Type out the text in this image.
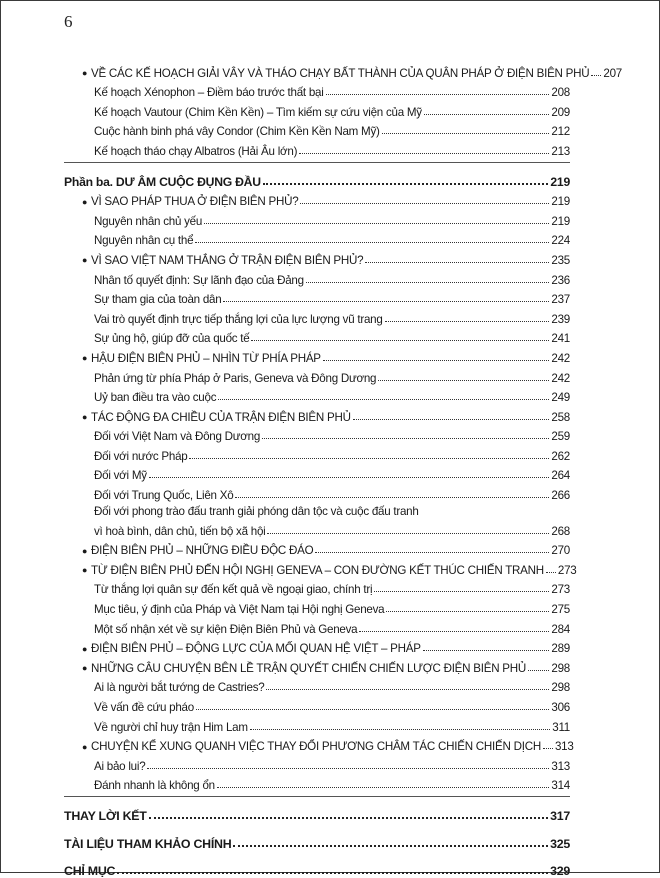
6
● VỀ CÁC KẾ HOẠCH GIẢI VÂY VÀ THÁO CHẠY BẤT THÀNH CỦA QUÂN PHÁP Ở ĐIỆN BIÊN PHỦ 207
Kế hoạch Xénophon – Điềm báo trước thất bại	208
Kế hoạch Vautour (Chim Kền Kền) – Tìm kiếm sự cứu viện của Mỹ	209
Cuộc hành binh phá vây Condor (Chim Kền Kền Nam Mỹ)	212
Kế hoạch tháo chạy Albatros (Hải Âu lớn)	213
Phần ba. DƯ ÂM CUỘC ĐỤNG ĐẦU	219
● VÌ SAO PHÁP THUA Ở ĐIỆN BIÊN PHỦ?	219
Nguyên nhân chủ yếu	219
Nguyên nhân cụ thể	224
● VÌ SAO VIỆT NAM THẮNG Ở TRẬN ĐIỆN BIÊN PHỦ?	235
Nhân tố quyết định: Sự lãnh đạo của Đảng	236
Sự tham gia của toàn dân	237
Vai trò quyết định trực tiếp thắng lợi của lực lượng vũ trang	239
Sự ủng hộ, giúp đỡ của quốc tế	241
● HẬU ĐIỆN BIÊN PHỦ – NHÌN TỪ PHÍA PHÁP	242
Phản ứng từ phía Pháp ở Paris, Geneva và Đông Dương	242
Uỷ ban điều tra vào cuộc	249
● TÁC ĐỘNG ĐA CHIỀU CỦA TRẬN ĐIỆN BIÊN PHỦ	258
Đối với Việt Nam và Đông Dương	259
Đối với nước Pháp	262
Đối với Mỹ	264
Đối với Trung Quốc, Liên Xô	266
Đối với phong trào đấu tranh giải phóng dân tộc và cuộc đấu tranh
vì hoà bình, dân chủ, tiến bộ xã hội	268
● ĐIỆN BIÊN PHỦ – NHỮNG ĐIỀU ĐỘC ĐÁO	270
● TỪ ĐIỆN BIÊN PHỦ ĐẾN HỘI NGHỊ GENEVA – CON ĐƯỜNG KẾT THÚC CHIẾN TRANH 273
Từ thắng lợi quân sự đến kết quả về ngoại giao, chính trị	273
Mục tiêu, ý định của Pháp và Việt Nam tại Hội nghị Geneva	275
Một số nhận xét về sự kiện Điện Biên Phủ và Geneva	284
● ĐIỆN BIÊN PHỦ – ĐỘNG LỰC CỦA MỐI QUAN HỆ VIỆT – PHÁP	289
● NHỮNG CÂU CHUYỆN BÊN LỀ TRẬN QUYẾT CHIẾN CHIẾN LƯỢC ĐIỆN BIÊN PHỦ 298
Ai là người bắt tướng de Castries?	298
Về vấn đề cứu pháo	306
Về người chỉ huy trận Him Lam	311
● CHUYỆN KỂ XUNG QUANH VIỆC THAY ĐỔI PHƯƠNG CHÂM TÁC CHIẾN CHIẾN DỊCH 313
Ai bảo lui?	313
Đánh nhanh là không ổn	314
THAY LỜI KẾT	317
TÀI LIỆU THAM KHẢO CHÍNH	325
CHỈ MỤC	329
